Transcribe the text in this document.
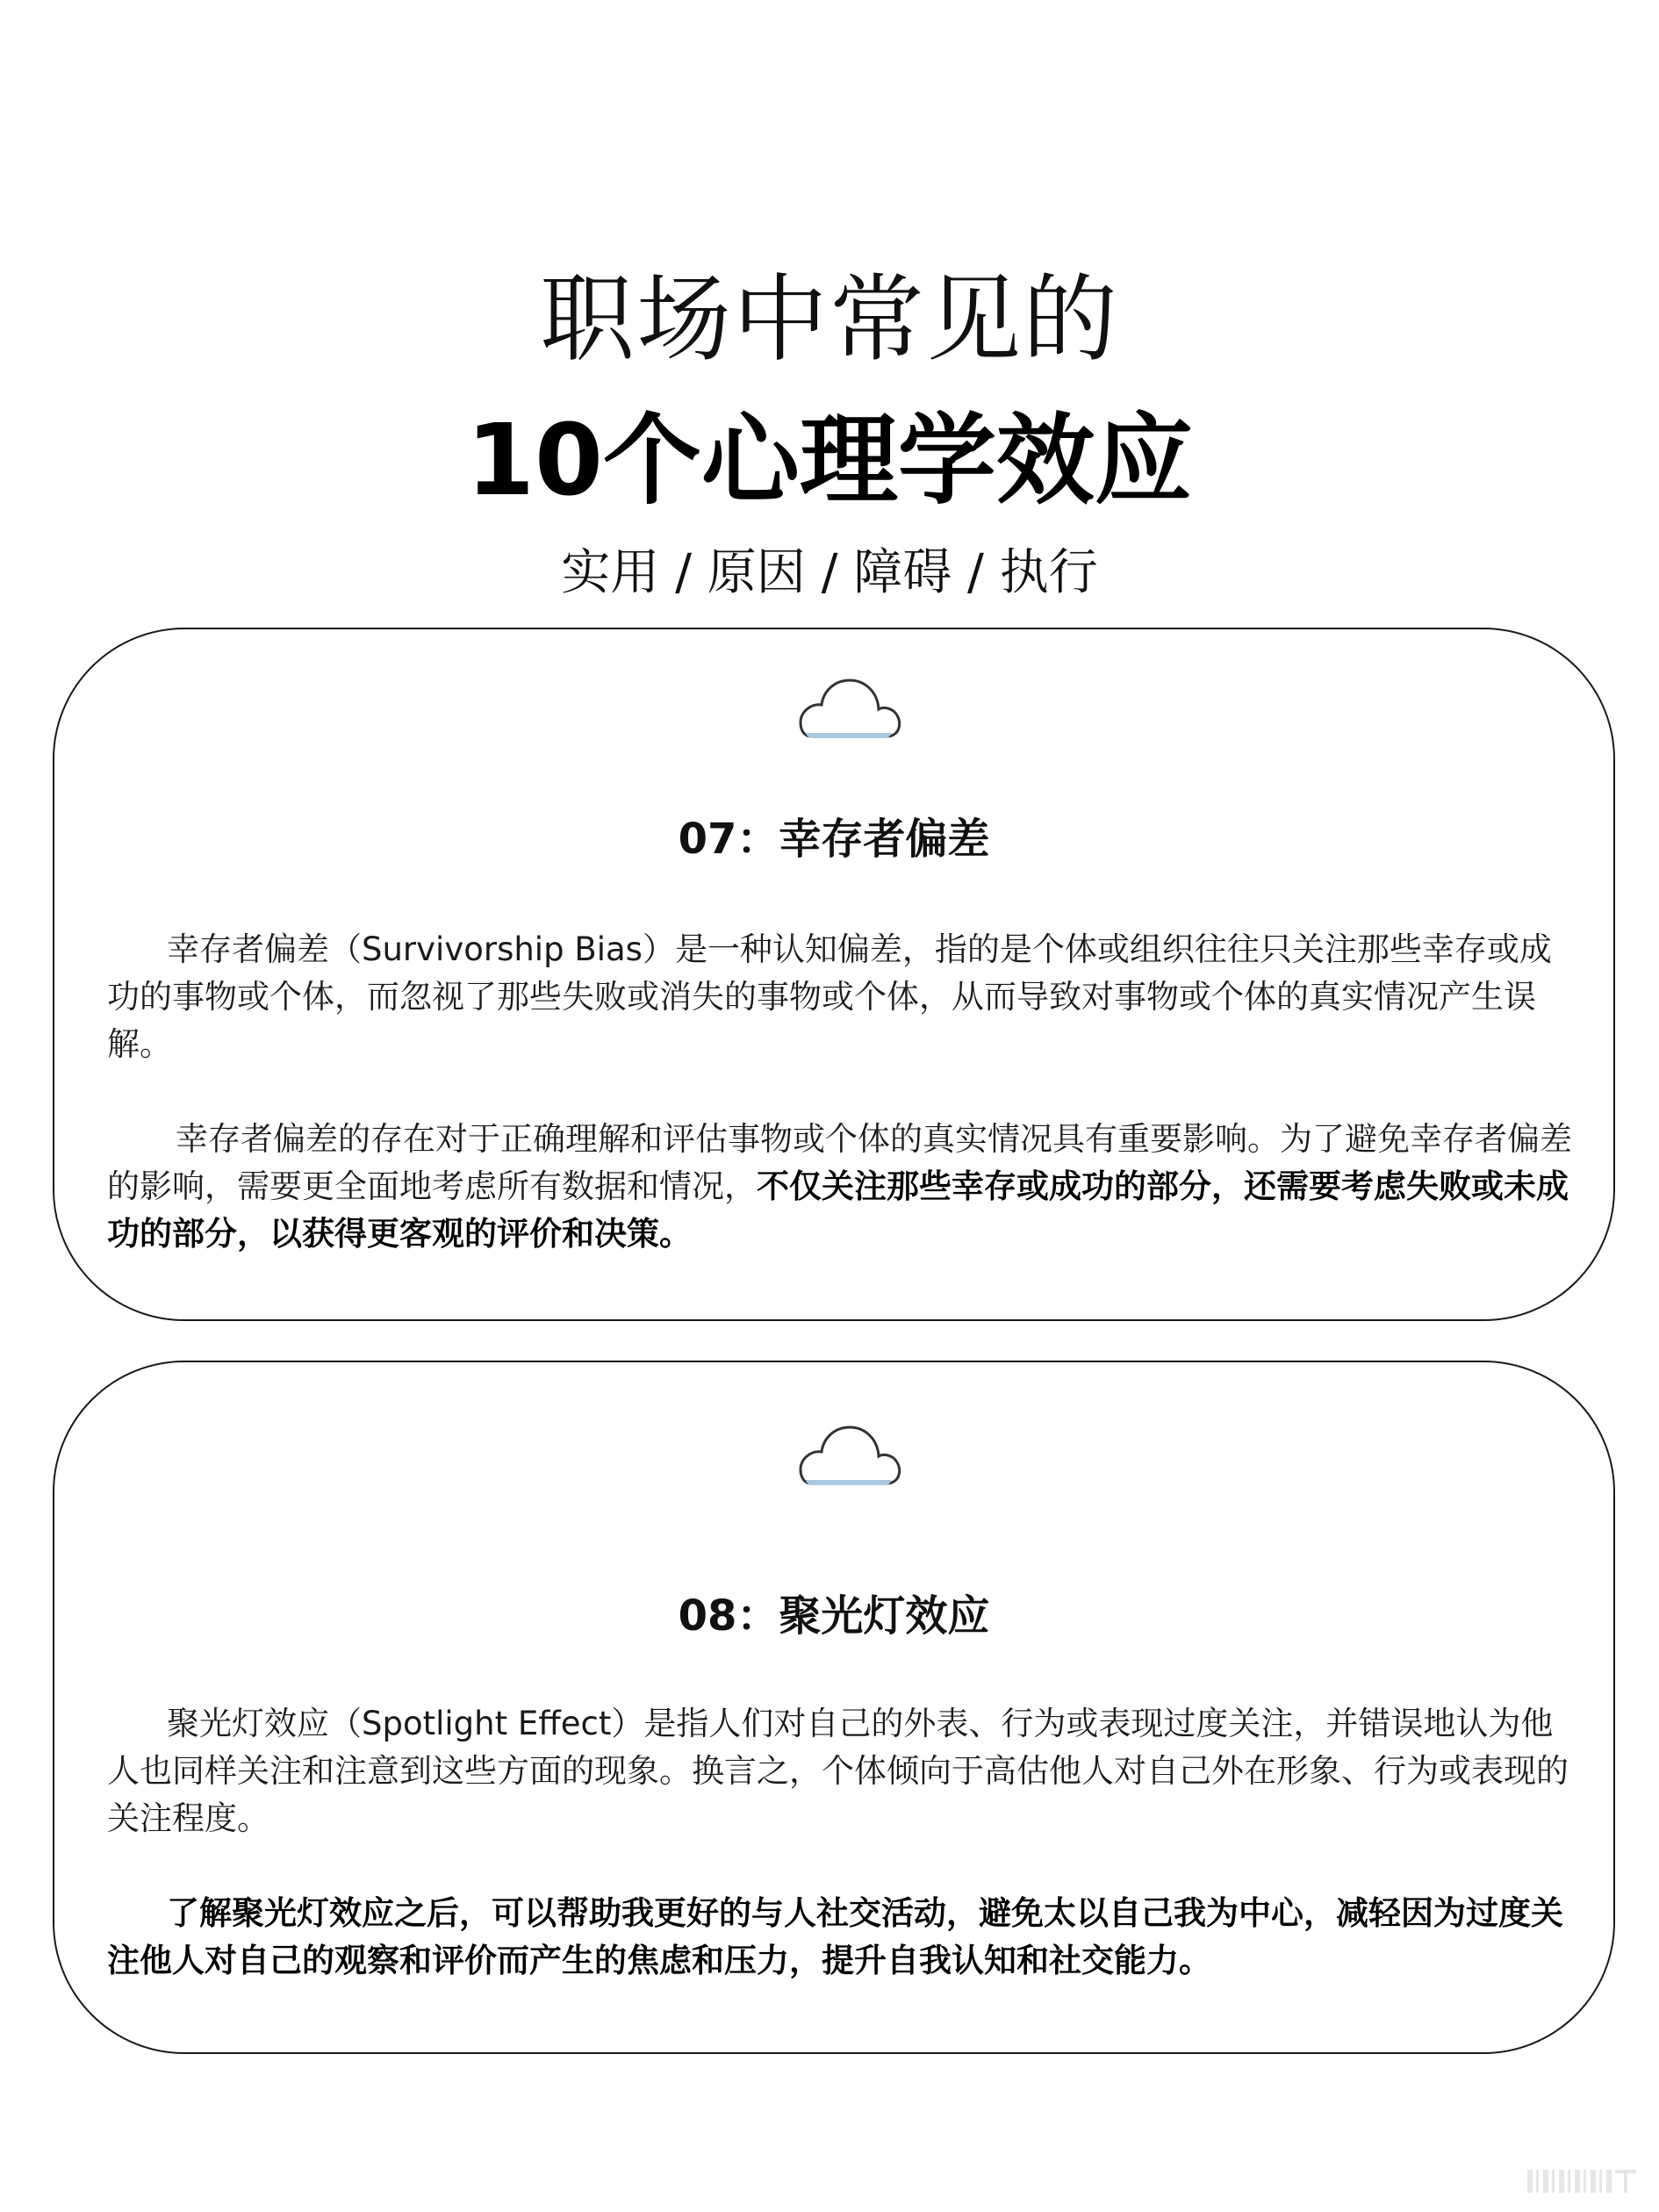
职场中常见的
10个心理学效应
实用 / 原因 / 障碍 / 执行
07：幸存者偏差

幸存者偏差（Survivorship Bias）是一种认知偏差，指的是个体或组织往往只关注那些幸存或成功的事物或个体，而忽视了那些失败或消失的事物或个体，从而导致对事物或个体的真实情况产生误解。

幸存者偏差的存在对于正确理解和评估事物或个体的真实情况具有重要影响。为了避免幸存者偏差的影响，需要更全面地考虑所有数据和情况，不仅关注那些幸存或成功的部分，还需要考虑失败或未成功的部分，以获得更客观的评价和决策。

08：聚光灯效应

聚光灯效应（Spotlight Effect）是指人们对自己的外表、行为或表现过度关注，并错误地认为他人也同样关注和注意到这些方面的现象。换言之，个体倾向于高估他人对自己外在形象、行为或表现的关注程度。

了解聚光灯效应之后，可以帮助我更好的与人社交活动，避免太以自己我为中心，减轻因为过度关注他人对自己的观察和评价而产生的焦虑和压力，提升自我认知和社交能力。
